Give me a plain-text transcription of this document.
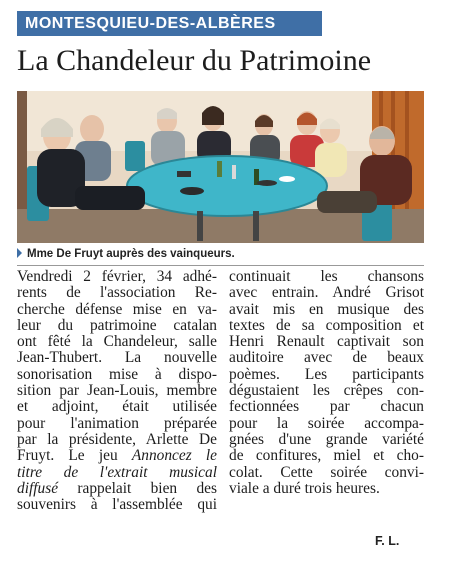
MONTESQUIEU-DES-ALBÈRES
La Chandeleur du Patrimoine
Mme De Fruyt auprès des vainqueurs.
Vendredi 2 février, 34 adhé-
rents de l'association Re-
cherche défense mise en va-
leur du patrimoine catalan
ont fêté la Chandeleur, salle
Jean-Thubert. La nouvelle
sonorisation mise à dispo-
sition par Jean-Louis, membre
et adjoint, était utilisée
pour l'animation préparée
par la présidente, Arlette De
Fruyt. Le jeu Annoncez le
titre de l'extrait musical
diffusé rappelait bien des
souvenirs à l'assemblée qui
continuait les chansons
avec entrain. André Grisot
avait mis en musique des
textes de sa composition et
Henri Renault captivait son
auditoire avec de beaux
poèmes. Les participants
dégustaient les crêpes con-
fectionnées par chacun
pour la soirée accompa-
gnées d'une grande variété
de confitures, miel et cho-
colat. Cette soirée convi-
viale a duré trois heures.
F. L.
